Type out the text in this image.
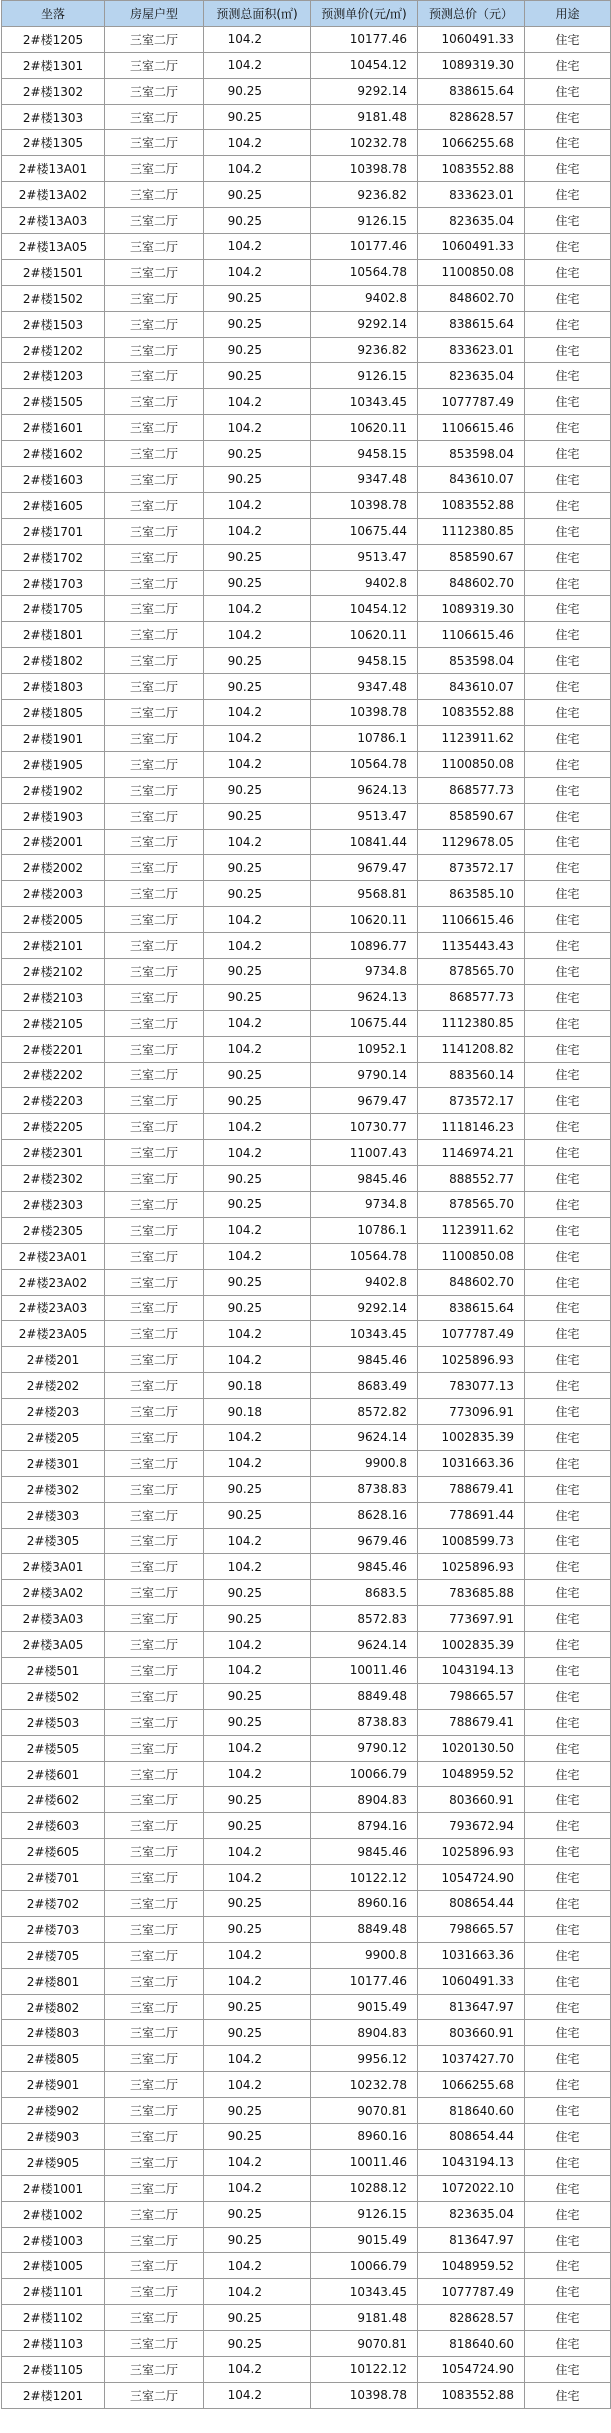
坐落	房屋户型	预测总面积(㎡)	预测单价(元/㎡)	预测总价（元）	用途
2#楼1205	三室二厅	104.2	10177.46	1060491.33	住宅
2#楼1301	三室二厅	104.2	10454.12	1089319.30	住宅
2#楼1302	三室二厅	90.25	9292.14	838615.64	住宅
2#楼1303	三室二厅	90.25	9181.48	828628.57	住宅
2#楼1305	三室二厅	104.2	10232.78	1066255.68	住宅
2#楼13A01	三室二厅	104.2	10398.78	1083552.88	住宅
2#楼13A02	三室二厅	90.25	9236.82	833623.01	住宅
2#楼13A03	三室二厅	90.25	9126.15	823635.04	住宅
2#楼13A05	三室二厅	104.2	10177.46	1060491.33	住宅
2#楼1501	三室二厅	104.2	10564.78	1100850.08	住宅
2#楼1502	三室二厅	90.25	9402.8	848602.70	住宅
2#楼1503	三室二厅	90.25	9292.14	838615.64	住宅
2#楼1202	三室二厅	90.25	9236.82	833623.01	住宅
2#楼1203	三室二厅	90.25	9126.15	823635.04	住宅
2#楼1505	三室二厅	104.2	10343.45	1077787.49	住宅
2#楼1601	三室二厅	104.2	10620.11	1106615.46	住宅
2#楼1602	三室二厅	90.25	9458.15	853598.04	住宅
2#楼1603	三室二厅	90.25	9347.48	843610.07	住宅
2#楼1605	三室二厅	104.2	10398.78	1083552.88	住宅
2#楼1701	三室二厅	104.2	10675.44	1112380.85	住宅
2#楼1702	三室二厅	90.25	9513.47	858590.67	住宅
2#楼1703	三室二厅	90.25	9402.8	848602.70	住宅
2#楼1705	三室二厅	104.2	10454.12	1089319.30	住宅
2#楼1801	三室二厅	104.2	10620.11	1106615.46	住宅
2#楼1802	三室二厅	90.25	9458.15	853598.04	住宅
2#楼1803	三室二厅	90.25	9347.48	843610.07	住宅
2#楼1805	三室二厅	104.2	10398.78	1083552.88	住宅
2#楼1901	三室二厅	104.2	10786.1	1123911.62	住宅
2#楼1905	三室二厅	104.2	10564.78	1100850.08	住宅
2#楼1902	三室二厅	90.25	9624.13	868577.73	住宅
2#楼1903	三室二厅	90.25	9513.47	858590.67	住宅
2#楼2001	三室二厅	104.2	10841.44	1129678.05	住宅
2#楼2002	三室二厅	90.25	9679.47	873572.17	住宅
2#楼2003	三室二厅	90.25	9568.81	863585.10	住宅
2#楼2005	三室二厅	104.2	10620.11	1106615.46	住宅
2#楼2101	三室二厅	104.2	10896.77	1135443.43	住宅
2#楼2102	三室二厅	90.25	9734.8	878565.70	住宅
2#楼2103	三室二厅	90.25	9624.13	868577.73	住宅
2#楼2105	三室二厅	104.2	10675.44	1112380.85	住宅
2#楼2201	三室二厅	104.2	10952.1	1141208.82	住宅
2#楼2202	三室二厅	90.25	9790.14	883560.14	住宅
2#楼2203	三室二厅	90.25	9679.47	873572.17	住宅
2#楼2205	三室二厅	104.2	10730.77	1118146.23	住宅
2#楼2301	三室二厅	104.2	11007.43	1146974.21	住宅
2#楼2302	三室二厅	90.25	9845.46	888552.77	住宅
2#楼2303	三室二厅	90.25	9734.8	878565.70	住宅
2#楼2305	三室二厅	104.2	10786.1	1123911.62	住宅
2#楼23A01	三室二厅	104.2	10564.78	1100850.08	住宅
2#楼23A02	三室二厅	90.25	9402.8	848602.70	住宅
2#楼23A03	三室二厅	90.25	9292.14	838615.64	住宅
2#楼23A05	三室二厅	104.2	10343.45	1077787.49	住宅
2#楼201	三室二厅	104.2	9845.46	1025896.93	住宅
2#楼202	三室二厅	90.18	8683.49	783077.13	住宅
2#楼203	三室二厅	90.18	8572.82	773096.91	住宅
2#楼205	三室二厅	104.2	9624.14	1002835.39	住宅
2#楼301	三室二厅	104.2	9900.8	1031663.36	住宅
2#楼302	三室二厅	90.25	8738.83	788679.41	住宅
2#楼303	三室二厅	90.25	8628.16	778691.44	住宅
2#楼305	三室二厅	104.2	9679.46	1008599.73	住宅
2#楼3A01	三室二厅	104.2	9845.46	1025896.93	住宅
2#楼3A02	三室二厅	90.25	8683.5	783685.88	住宅
2#楼3A03	三室二厅	90.25	8572.83	773697.91	住宅
2#楼3A05	三室二厅	104.2	9624.14	1002835.39	住宅
2#楼501	三室二厅	104.2	10011.46	1043194.13	住宅
2#楼502	三室二厅	90.25	8849.48	798665.57	住宅
2#楼503	三室二厅	90.25	8738.83	788679.41	住宅
2#楼505	三室二厅	104.2	9790.12	1020130.50	住宅
2#楼601	三室二厅	104.2	10066.79	1048959.52	住宅
2#楼602	三室二厅	90.25	8904.83	803660.91	住宅
2#楼603	三室二厅	90.25	8794.16	793672.94	住宅
2#楼605	三室二厅	104.2	9845.46	1025896.93	住宅
2#楼701	三室二厅	104.2	10122.12	1054724.90	住宅
2#楼702	三室二厅	90.25	8960.16	808654.44	住宅
2#楼703	三室二厅	90.25	8849.48	798665.57	住宅
2#楼705	三室二厅	104.2	9900.8	1031663.36	住宅
2#楼801	三室二厅	104.2	10177.46	1060491.33	住宅
2#楼802	三室二厅	90.25	9015.49	813647.97	住宅
2#楼803	三室二厅	90.25	8904.83	803660.91	住宅
2#楼805	三室二厅	104.2	9956.12	1037427.70	住宅
2#楼901	三室二厅	104.2	10232.78	1066255.68	住宅
2#楼902	三室二厅	90.25	9070.81	818640.60	住宅
2#楼903	三室二厅	90.25	8960.16	808654.44	住宅
2#楼905	三室二厅	104.2	10011.46	1043194.13	住宅
2#楼1001	三室二厅	104.2	10288.12	1072022.10	住宅
2#楼1002	三室二厅	90.25	9126.15	823635.04	住宅
2#楼1003	三室二厅	90.25	9015.49	813647.97	住宅
2#楼1005	三室二厅	104.2	10066.79	1048959.52	住宅
2#楼1101	三室二厅	104.2	10343.45	1077787.49	住宅
2#楼1102	三室二厅	90.25	9181.48	828628.57	住宅
2#楼1103	三室二厅	90.25	9070.81	818640.60	住宅
2#楼1105	三室二厅	104.2	10122.12	1054724.90	住宅
2#楼1201	三室二厅	104.2	10398.78	1083552.88	住宅
